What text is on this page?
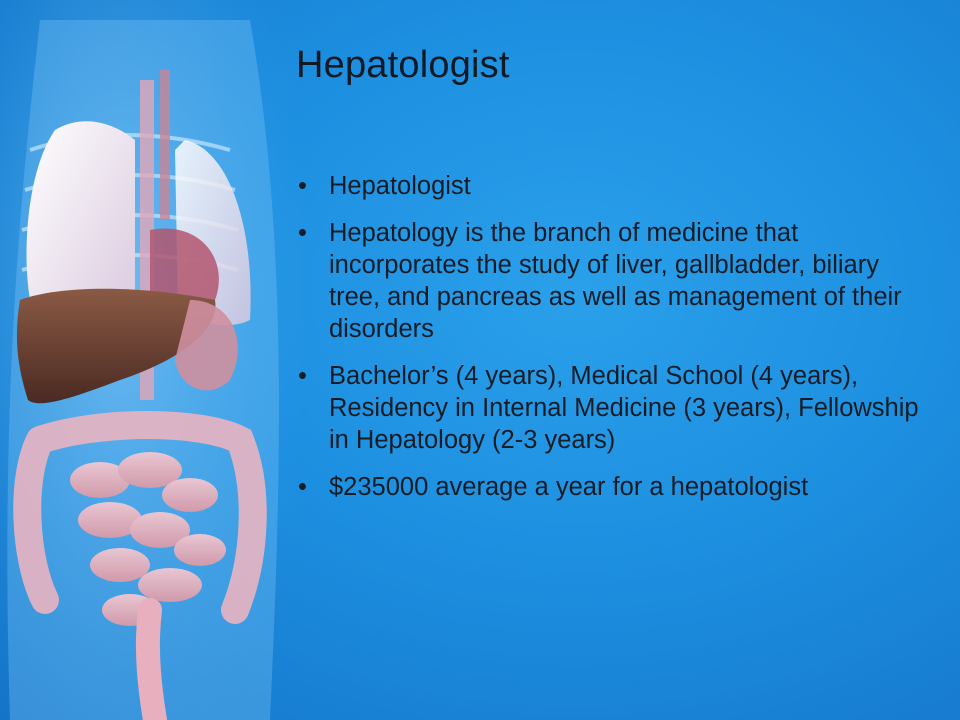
Hepatologist
• Hepatologist
• Hepatology is the branch of medicine that incorporates the study of liver, gallbladder, biliary tree, and pancreas as well as management of their disorders
• Bachelor’s (4 years), Medical School (4 years), Residency in Internal Medicine (3 years), Fellowship in Hepatology (2-3 years)
• $235000 average a year for a hepatologist
